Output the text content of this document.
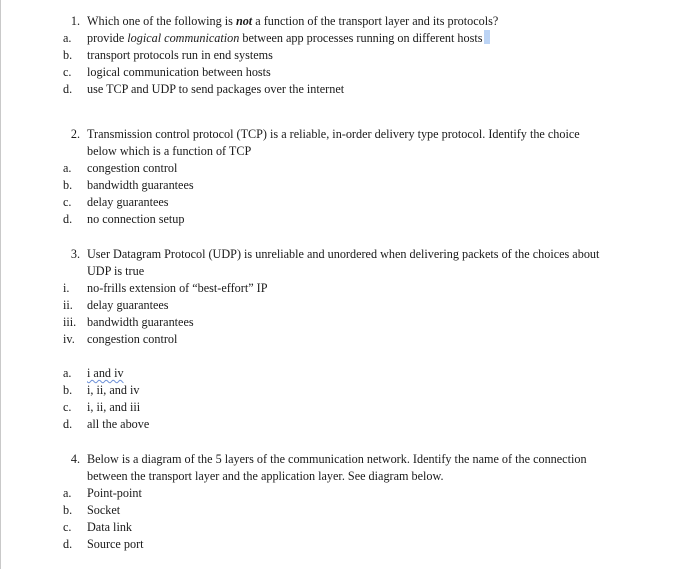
1. Which one of the following is not a function of the transport layer and its protocols?
a.	provide logical communication between app processes running on different hosts
b.	transport protocols run in end systems
c.	logical communication between hosts
d.	use TCP and UDP to send packages over the internet
2. Transmission control protocol (TCP) is a reliable, in-order delivery type protocol. Identify the choice
below which is a function of TCP
a.	congestion control
b.	bandwidth guarantees
c.	delay guarantees
d.	no connection setup
3. User Datagram Protocol (UDP) is unreliable and unordered when delivering packets of the choices about
UDP is true
i.	no-frills extension of “best-effort” IP
ii.	delay guarantees
iii. bandwidth guarantees
iv.	congestion control
a.	i and iv
b.	i, ii, and iv
c.	i, ii, and iii
d.	all the above
4. Below is a diagram of the 5 layers of the communication network. Identify the name of the connection
between the transport layer and the application layer. See diagram below.
a.	Point-point
b.	Socket
c.	Data link
d.	Source port
